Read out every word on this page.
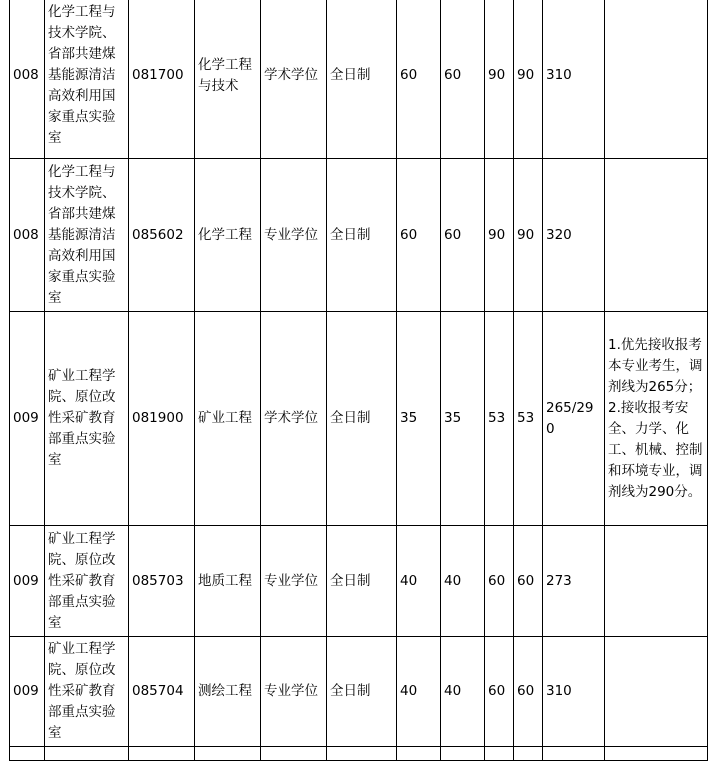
008	化学工程与技术学院、省部共建煤基能源清洁高效利用国家重点实验室	081700	化学工程与技术	学术学位	全日制	60	60	90	90	310	
008	化学工程与技术学院、省部共建煤基能源清洁高效利用国家重点实验室	085602	化学工程	专业学位	全日制	60	60	90	90	320	
009	矿业工程学院、原位改性采矿教育部重点实验室	081900	矿业工程	学术学位	全日制	35	35	53	53	265/290	1.优先接收报考本专业考生，调剂线为265分；2.接收报考安全、力学、化工、机械、控制和环境专业，调剂线为290分。
009	矿业工程学院、原位改性采矿教育部重点实验室	085703	地质工程	专业学位	全日制	40	40	60	60	273	
009	矿业工程学院、原位改性采矿教育部重点实验室	085704	测绘工程	专业学位	全日制	40	40	60	60	310	
